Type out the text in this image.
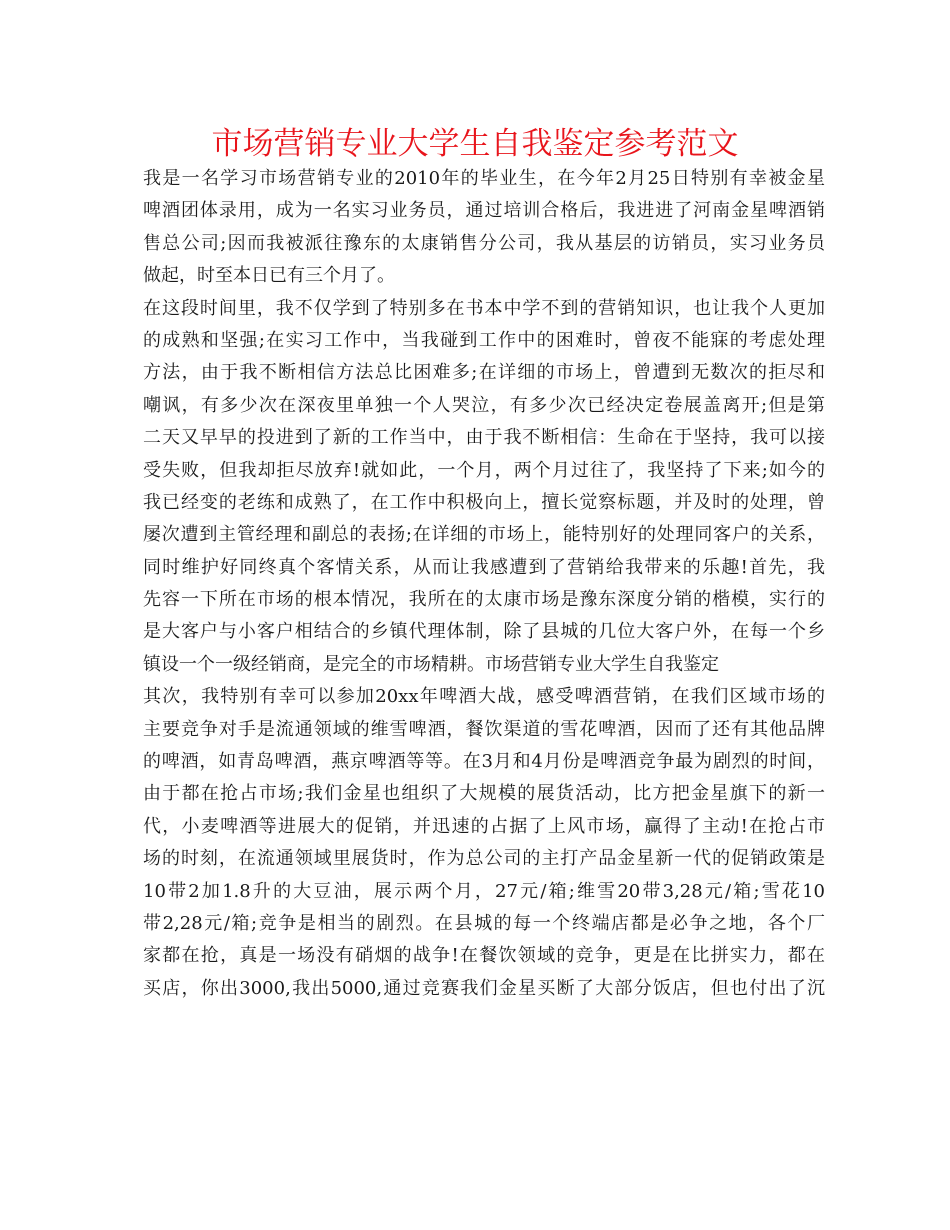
市场营销专业大学生自我鉴定参考范文
我是一名学习市场营销专业的2010年的毕业生，在今年2月25日特别有幸被金星
啤酒团体录用，成为一名实习业务员，通过培训合格后，我进进了河南金星啤酒销
售总公司;因而我被派往豫东的太康销售分公司，我从基层的访销员，实习业务员
做起，时至本日已有三个月了。
在这段时间里，我不仅学到了特别多在书本中学不到的营销知识，也让我个人更加
的成熟和坚强;在实习工作中，当我碰到工作中的困难时，曾夜不能寐的考虑处理
方法，由于我不断相信方法总比困难多;在详细的市场上，曾遭到无数次的拒尽和
嘲讽，有多少次在深夜里单独一个人哭泣，有多少次已经决定卷展盖离开;但是第
二天又早早的投进到了新的工作当中，由于我不断相信：生命在于坚持，我可以接
受失败，但我却拒尽放弃!就如此，一个月，两个月过往了，我坚持了下来;如今的
我已经变的老练和成熟了，在工作中积极向上，擅长觉察标题，并及时的处理，曾
屡次遭到主管经理和副总的表扬;在详细的市场上，能特别好的处理同客户的关系，
同时维护好同终真个客情关系，从而让我感遭到了营销给我带来的乐趣!首先，我
先容一下所在市场的根本情况，我所在的太康市场是豫东深度分销的楷模，实行的
是大客户与小客户相结合的乡镇代理体制，除了县城的几位大客户外，在每一个乡
镇设一个一级经销商，是完全的市场精耕。市场营销专业大学生自我鉴定
其次，我特别有幸可以参加20xx年啤酒大战，感受啤酒营销，在我们区域市场的
主要竞争对手是流通领域的维雪啤酒，餐饮渠道的雪花啤酒，因而了还有其他品牌
的啤酒，如青岛啤酒，燕京啤酒等等。在3月和4月份是啤酒竞争最为剧烈的时间，
由于都在抢占市场;我们金星也组织了大规模的展货活动，比方把金星旗下的新一
代，小麦啤酒等进展大的促销，并迅速的占据了上风市场，赢得了主动!在抢占市
场的时刻，在流通领域里展货时，作为总公司的主打产品金星新一代的促销政策是
10带2加1.8升的大豆油，展示两个月，27元/箱;维雪20带3,28元/箱;雪花10
带2,28元/箱;竞争是相当的剧烈。在县城的每一个终端店都是必争之地，各个厂
家都在抢，真是一场没有硝烟的战争!在餐饮领域的竞争，更是在比拼实力，都在
买店，你出3000,我出5000,通过竞赛我们金星买断了大部分饭店，但也付出了沉
